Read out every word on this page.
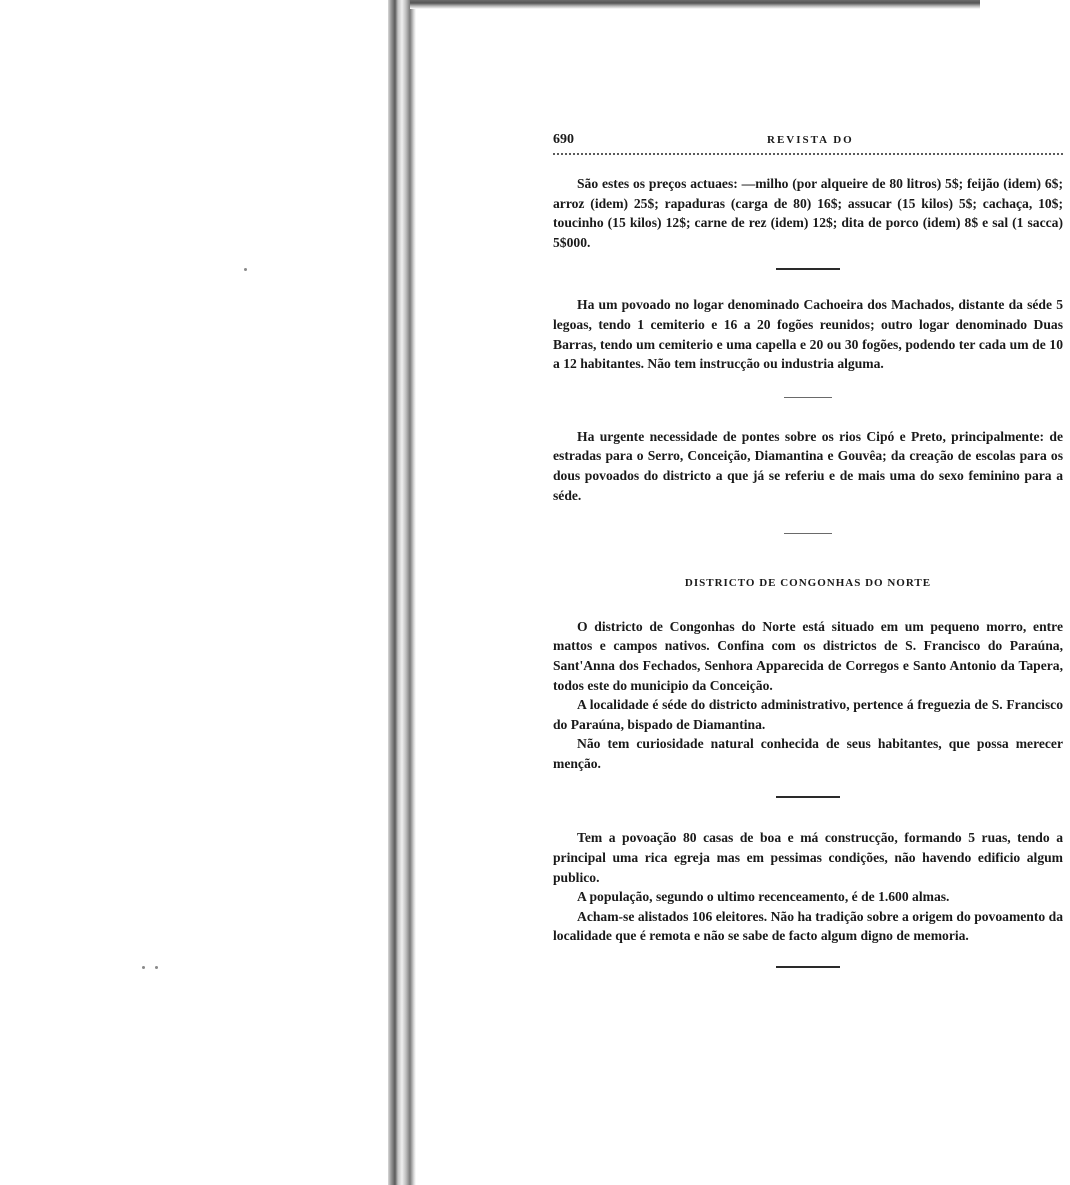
690	REVISTA DO

São estes os preços actuaes: —milho (por alqueire de 80 litros) 5$; feijão (idem) 6$; arroz (idem) 25$; rapaduras (carga de 80) 16$; assucar (15 kilos) 5$; cachaça, 10$; toucinho (15 kilos) 12$; carne de rez (idem) 12$; dita de porco (idem) 8$ e sal (1 sacca) 5$000.

Ha um povoado no logar denominado Cachoeira dos Machados, distante da séde 5 legoas, tendo 1 cemiterio e 16 a 20 fogões reunidos; outro logar denominado Duas Barras, tendo um cemiterio e uma capella e 20 ou 30 fogões, podendo ter cada um de 10 a 12 habitantes. Não tem instrucção ou industria alguma.

Ha urgente necessidade de pontes sobre os rios Cipó e Preto, principalmente: de estradas para o Serro, Conceição, Diamantina e Gouvêa; da creação de escolas para os dous povoados do districto a que já se referiu e de mais uma do sexo feminino para a séde.

DISTRICTO DE CONGONHAS DO NORTE

O districto de Congonhas do Norte está situado em um pequeno morro, entre mattos e campos nativos. Confina com os districtos de S. Francisco do Paraúna, Sant'Anna dos Fechados, Senhora Apparecida de Corregos e Santo Antonio da Tapera, todos este do municipio da Conceição.

A localidade é séde do districto administrativo, pertence á freguezia de S. Francisco do Paraúna, bispado de Diamantina.

Não tem curiosidade natural conhecida de seus habitantes, que possa merecer menção.

Tem a povoação 80 casas de boa e má construcção, formando 5 ruas, tendo a principal uma rica egreja mas em pessimas condições, não havendo edificio algum publico.

A população, segundo o ultimo recenceamento, é de 1.600 almas.

Acham-se alistados 106 eleitores. Não ha tradição sobre a origem do povoamento da localidade que é remota e não se sabe de facto algum digno de memoria.
